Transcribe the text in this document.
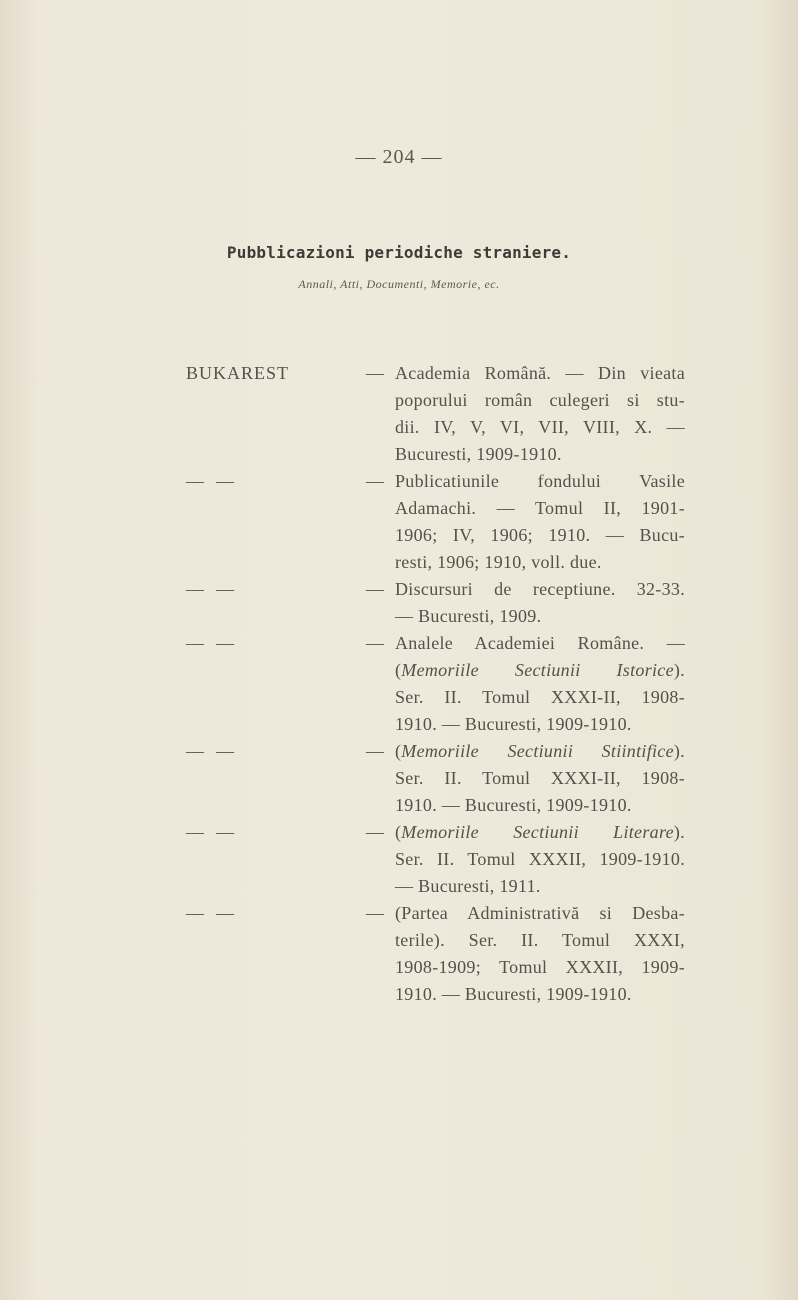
— 204 —
Pubblicazioni periodiche straniere.
Annali, Atti, Documenti, Memorie, ec.
BUKAREST	— Academia Română. — Din vieata
poporului român culegeri si stu-
dii. IV, V, VI, VII, VIII, X. —
Bucuresti, 1909-1910.
—  —	— Publicatiunile fondului Vasile
Adamachi. — Tomul II, 1901-
1906; IV, 1906; 1910. — Bucu-
resti, 1906; 1910, voll. due.
—  —	— Discursuri de receptiune. 32-33.
— Bucuresti, 1909.
—  —	— Analele Academiei Române. —
(Memoriile Sectiunii Istorice).
Ser. II. Tomul XXXI-II, 1908-
1910. — Bucuresti, 1909-1910.
—  —	— (Memoriile Sectiunii Stiintifice).
Ser. II. Tomul XXXI-II, 1908-
1910. — Bucuresti, 1909-1910.
—  —	— (Memoriile Sectiunii Literare).
Ser. II. Tomul XXXII, 1909-1910.
— Bucuresti, 1911.
—  —	— (Partea Administrativă si Desba-
terile). Ser. II. Tomul XXXI,
1908-1909; Tomul XXXII, 1909-
1910. — Bucuresti, 1909-1910.
